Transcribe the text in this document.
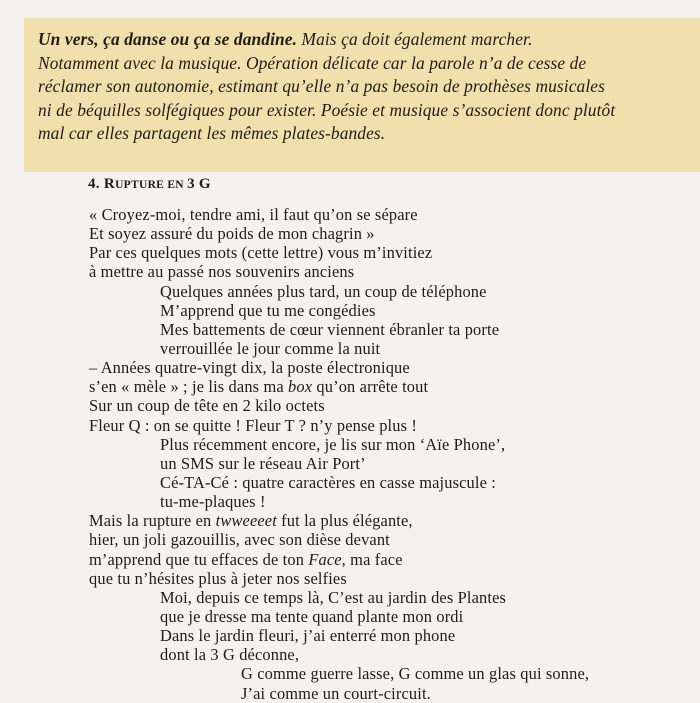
Un vers, ça danse ou ça se dandine. Mais ça doit également marcher.
Notamment avec la musique. Opération délicate car la parole n’a de cesse de
réclamer son autonomie, estimant qu’elle n’a pas besoin de prothèses musicales
ni de béquilles solfégiques pour exister. Poésie et musique s’associent donc plutôt
mal car elles partagent les mêmes plates-bandes.

4. RUPTURE EN 3 G
« Croyez-moi, tendre ami, il faut qu’on se sépare
Et soyez assuré du poids de mon chagrin »
Par ces quelques mots (cette lettre) vous m’invitiez
à mettre au passé nos souvenirs anciens
Quelques années plus tard, un coup de téléphone
M’apprend que tu me congédies
Mes battements de cœur viennent ébranler ta porte
verrouillée le jour comme la nuit
– Années quatre-vingt dix, la poste électronique
s’en « mèle » ; je lis dans ma box qu’on arrête tout
Sur un coup de tête en 2 kilo octets
Fleur Q : on se quitte ! Fleur T ? n’y pense plus !
Plus récemment encore, je lis sur mon ‘Aïe Phone’,
un SMS sur le réseau Air Port’
Cé-TA-Cé : quatre caractères en casse majuscule :
tu-me-plaques !
Mais la rupture en twweeeet fut la plus élégante,
hier, un joli gazouillis, avec son dièse devant
m’apprend que tu effaces de ton Face, ma face
que tu n’hésites plus à jeter nos selfies
Moi, depuis ce temps là, C’est au jardin des Plantes
que je dresse ma tente quand plante mon ordi
Dans le jardin fleuri, j’ai enterré mon phone
dont la 3 G déconne,
G comme guerre lasse, G comme un glas qui sonne,
J’ai comme un court-circuit.
